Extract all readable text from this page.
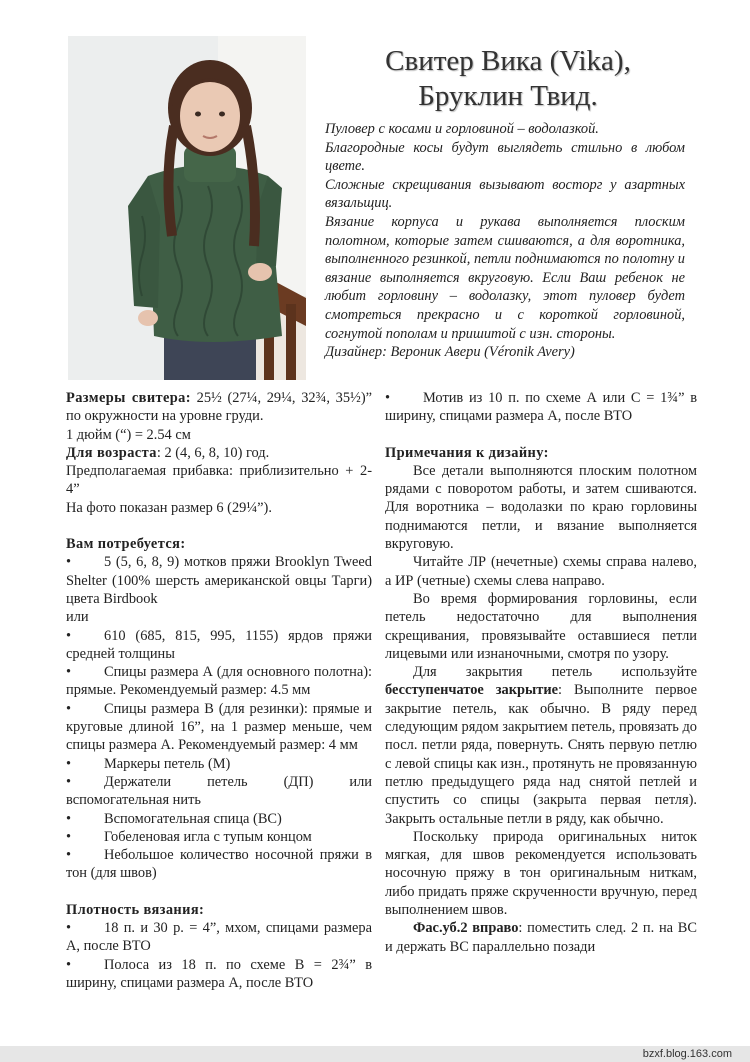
Свитер Вика (Vika),
Бруклин Твид.

Пуловер с косами и горловиной – водолазкой.

Благородные косы будут выглядеть стильно в любом цвете.

Сложные скрещивания вызывают восторг у азартных вязальщиц.

Вязание корпуса и рукава выполняется плоским полотном, которые затем сшиваются, а для воротника, выполненного резинкой, петли поднимаются по полотну и вязание выполняется вкруговую. Если Ваш ребенок не любит горловину – водолазку, этот пуловер будет смотреться прекрасно и с короткой горловиной, согнутой пополам и пришитой с изн. стороны.

Дизайнер: Вероник Авери (Véronik Avery)

Размеры свитера: 25½ (27¼, 29¼, 32¾, 35½)” по окружности на уровне груди.

1 дюйм (“) = 2.54 см

Для возраста: 2 (4, 6, 8, 10) год.

Предполагаемая прибавка: приблизительно + 2-4”

На фото показан размер 6 (29¼”).

Вам потребуется:

• 5 (5, 6, 8, 9) мотков пряжи Brooklyn Tweed Shelter (100% шерсть американской овцы Тарги) цвета Birdbook

или

• 610 (685, 815, 995, 1155) ярдов пряжи средней толщины

• Спицы размера А (для основного полотна): прямые. Рекомендуемый размер: 4.5 мм

• Спицы размера В (для резинки): прямые и круговые длиной 16”, на 1 размер меньше, чем спицы размера А. Рекомендуемый размер: 4 мм

• Маркеры петель (М)

• Держатели петель (ДП) или вспомогательная нить

• Вспомогательная спица (ВС)

• Гобеленовая игла с тупым концом

• Небольшое количество носочной пряжи в тон (для швов)

Плотность вязания:

• 18 п. и 30 р. = 4”, мхом, спицами размера А, после ВТО

• Полоса из 18 п. по схеме В = 2¾” в ширину, спицами размера А, после ВТО

• Мотив из 10 п. по схеме А или С = 1¾” в ширину, спицами размера А, после ВТО

Примечания к дизайну:

Все детали выполняются плоским полотном рядами с поворотом работы, и затем сшиваются. Для воротника – водолазки по краю горловины поднимаются петли, и вязание выполняется вкруговую.

Читайте ЛР (нечетные) схемы справа налево, а ИР (четные) схемы слева направо.

Во время формирования горловины, если петель недостаточно для выполнения скрещивания, провязывайте оставшиеся петли лицевыми или изнаночными, смотря по узору.

Для закрытия петель используйте бесступенчатое закрытие: Выполните первое закрытие петель, как обычно. В ряду перед следующим рядом закрытием петель, провязать до посл. петли ряда, повернуть. Снять первую петлю с левой спицы как изн., протянуть не провязанную петлю предыдущего ряда над снятой петлей и спустить со спицы (закрыта первая петля). Закрыть остальные петли в ряду, как обычно.

Поскольку природа оригинальных ниток мягкая, для швов рекомендуется использовать носочную пряжу в тон оригинальным ниткам, либо придать пряже скрученности вручную, перед выполнением швов.

Фас.уб.2 вправо: поместить след. 2 п. на ВС и держать ВС параллельно позади

bzxf.blog.163.com
